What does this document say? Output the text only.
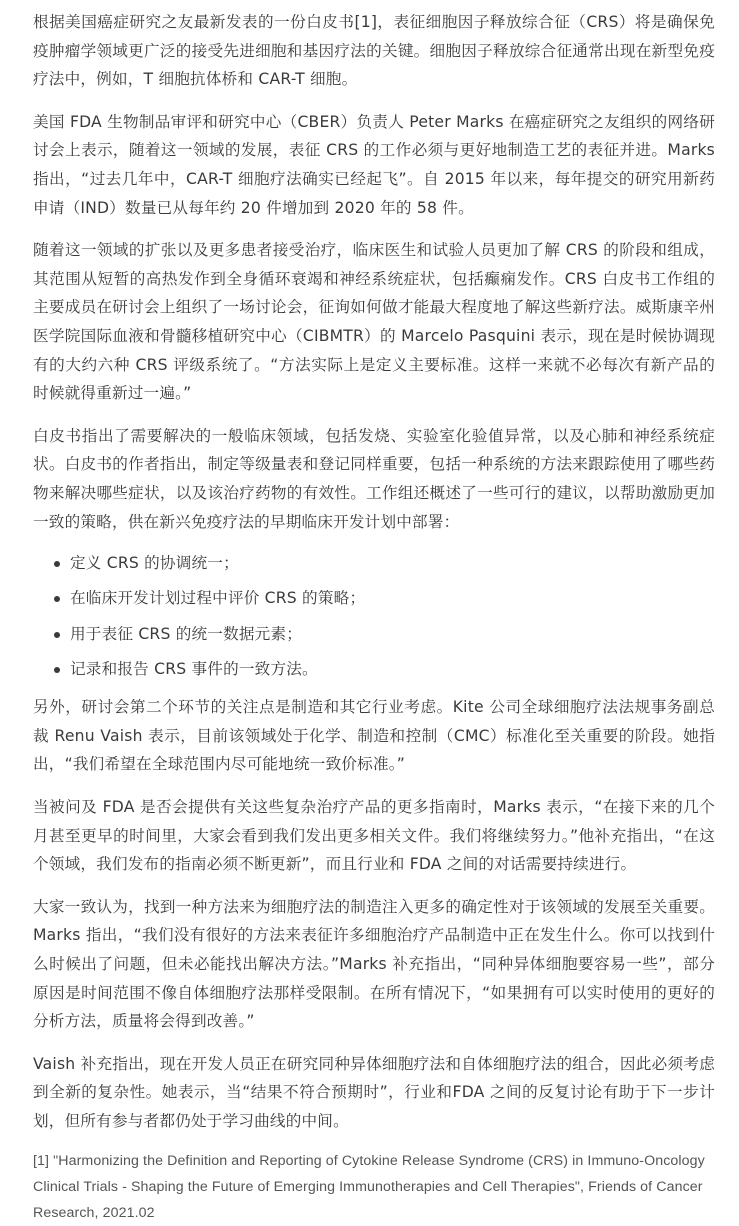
根据美国癌症研究之友最新发表的一份白皮书[1]，表征细胞因子释放综合征（CRS）将是确保免疫肿瘤学领域更广泛的接受先进细胞和基因疗法的关键。细胞因子释放综合征通常出现在新型免疫疗法中，例如，T 细胞抗体桥和 CAR-T 细胞。

美国 FDA 生物制品审评和研究中心（CBER）负责人 Peter Marks 在癌症研究之友组织的网络研讨会上表示，随着这一领域的发展，表征 CRS 的工作必须与更好地制造工艺的表征并进。Marks 指出，“过去几年中，CAR-T 细胞疗法确实已经起飞”。自 2015 年以来，每年提交的研究用新药申请（IND）数量已从每年约 20 件增加到 2020 年的 58 件。

随着这一领域的扩张以及更多患者接受治疗，临床医生和试验人员更加了解 CRS 的阶段和组成，其范围从短暂的高热发作到全身循环衰竭和神经系统症状，包括癫痫发作。CRS 白皮书工作组的主要成员在研讨会上组织了一场讨论会，征询如何做才能最大程度地了解这些新疗法。威斯康辛州医学院国际血液和骨髓移植研究中心（CIBMTR）的 Marcelo Pasquini 表示，现在是时候协调现有的大约六种 CRS 评级系统了。“方法实际上是定义主要标准。这样一来就不必每次有新产品的时候就得重新过一遍。”

白皮书指出了需要解决的一般临床领域，包括发烧、实验室化验值异常，以及心肺和神经系统症状。白皮书的作者指出，制定等级量表和登记同样重要，包括一种系统的方法来跟踪使用了哪些药物来解决哪些症状，以及该治疗药物的有效性。工作组还概述了一些可行的建议，以帮助激励更加一致的策略，供在新兴免疫疗法的早期临床开发计划中部署：

定义 CRS 的协调统一；
在临床开发计划过程中评价 CRS 的策略；
用于表征 CRS 的统一数据元素；
记录和报告 CRS 事件的一致方法。

另外，研讨会第二个环节的关注点是制造和其它行业考虑。Kite 公司全球细胞疗法法规事务副总裁 Renu Vaish 表示，目前该领域处于化学、制造和控制（CMC）标准化至关重要的阶段。她指出，“我们希望在全球范围内尽可能地统一致价标准。”

当被问及 FDA 是否会提供有关这些复杂治疗产品的更多指南时，Marks 表示，“在接下来的几个月甚至更早的时间里，大家会看到我们发出更多相关文件。我们将继续努力。”他补充指出，“在这个领域，我们发布的指南必须不断更新”，而且行业和 FDA 之间的对话需要持续进行。

大家一致认为，找到一种方法来为细胞疗法的制造注入更多的确定性对于该领域的发展至关重要。Marks 指出，“我们没有很好的方法来表征许多细胞治疗产品制造中正在发生什么。你可以找到什么时候出了问题，但未必能找出解决方法。”Marks 补充指出，“同种异体细胞要容易一些”，部分原因是时间范围不像自体细胞疗法那样受限制。在所有情况下，“如果拥有可以实时使用的更好的分析方法，质量将会得到改善。”

Vaish 补充指出，现在开发人员正在研究同种异体细胞疗法和自体细胞疗法的组合，因此必须考虑到全新的复杂性。她表示，当“结果不符合预期时”，行业和FDA 之间的反复讨论有助于下一步计划，但所有参与者都仍处于学习曲线的中间。

[1] "Harmonizing the Definition and Reporting of Cytokine Release Syndrome (CRS) in Immuno-Oncology Clinical Trials - Shaping the Future of Emerging Immunotherapies and Cell Therapies", Friends of Cancer Research, 2021.02
